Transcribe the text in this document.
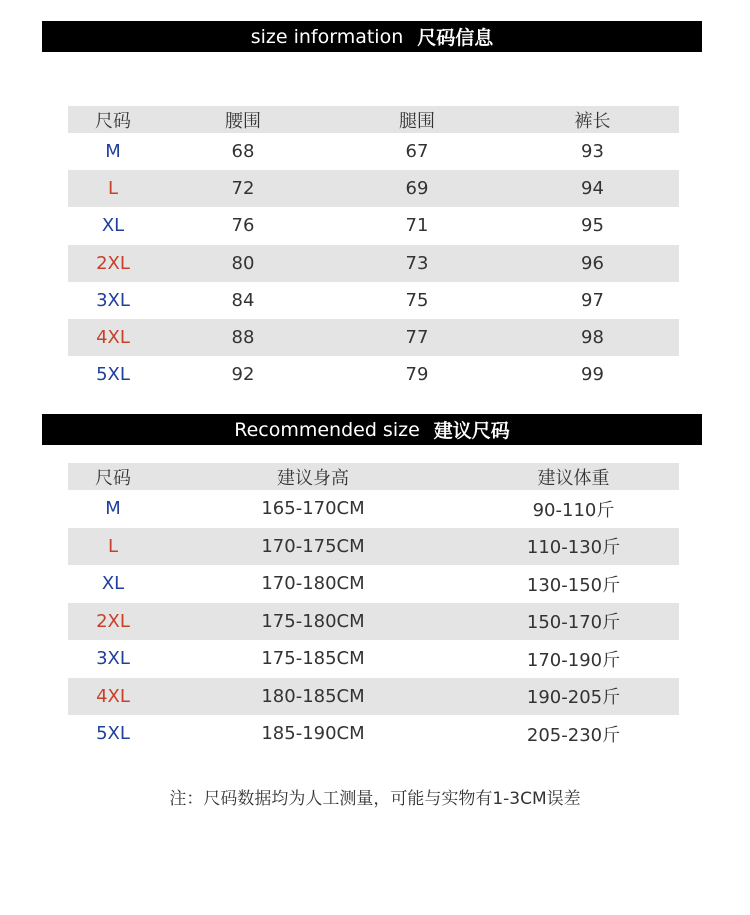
size information 尺码信息
尺码	腰围	腿围	裤长
M	68	67	93
L	72	69	94
XL	76	71	95
2XL	80	73	96
3XL	84	75	97
4XL	88	77	98
5XL	92	79	99
Recommended size 建议尺码
尺码	建议身高	建议体重
M	165-170CM	90-110斤
L	170-175CM	110-130斤
XL	170-180CM	130-150斤
2XL	175-180CM	150-170斤
3XL	175-185CM	170-190斤
4XL	180-185CM	190-205斤
5XL	185-190CM	205-230斤
注：尺码数据均为人工测量，可能与实物有1-3CM误差
